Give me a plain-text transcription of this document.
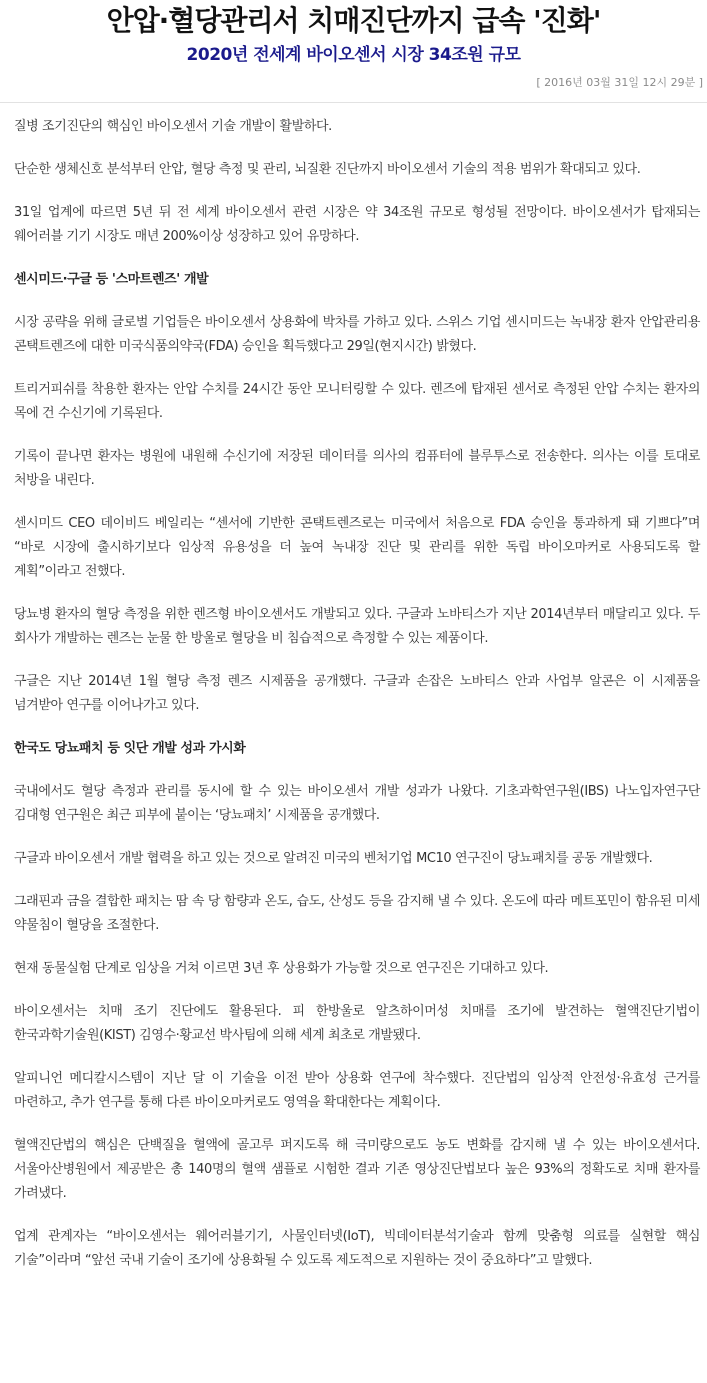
안압·혈당관리서 치매진단까지 급속 '진화'
2020년 전세계 바이오센서 시장 34조원 규모
[ 2016년 03월 31일 12시 29분 ]

질병 조기진단의 핵심인 바이오센서 기술 개발이 활발하다.

단순한 생체신호 분석부터 안압, 혈당 측정 및 관리, 뇌질환 진단까지 바이오센서 기술의 적용 범위가 확대되고 있다.

31일 업계에 따르면 5년 뒤 전 세계 바이오센서 관련 시장은 약 34조원 규모로 형성될 전망이다. 바이오센서가 탑재되는 웨어러블 기기 시장도 매년 200%이상 성장하고 있어 유망하다.

센시미드·구글 등 '스마트렌즈' 개발

시장 공략을 위해 글로벌 기업들은 바이오센서 상용화에 박차를 가하고 있다. 스위스 기업 센시미드는 녹내장 환자 안압관리용 콘택트렌즈에 대한 미국식품의약국(FDA) 승인을 획득했다고 29일(현지시간) 밝혔다.

트리거피쉬를 착용한 환자는 안압 수치를 24시간 동안 모니터링할 수 있다. 렌즈에 탑재된 센서로 측정된 안압 수치는 환자의 목에 건 수신기에 기록된다.

기록이 끝나면 환자는 병원에 내원해 수신기에 저장된 데이터를 의사의 컴퓨터에 블루투스로 전송한다. 의사는 이를 토대로 처방을 내린다.

센시미드 CEO 데이비드 베일리는 “센서에 기반한 콘택트렌즈로는 미국에서 처음으로 FDA 승인을 통과하게 돼 기쁘다”며 “바로 시장에 출시하기보다 임상적 유용성을 더 높여 녹내장 진단 및 관리를 위한 독립 바이오마커로 사용되도록 할 계획”이라고 전했다.

당뇨병 환자의 혈당 측정을 위한 렌즈형 바이오센서도 개발되고 있다. 구글과 노바티스가 지난 2014년부터 매달리고 있다. 두 회사가 개발하는 렌즈는 눈물 한 방울로 혈당을 비 침습적으로 측정할 수 있는 제품이다.

구글은 지난 2014년 1월 혈당 측정 렌즈 시제품을 공개했다. 구글과 손잡은 노바티스 안과 사업부 알콘은 이 시제품을 넘겨받아 연구를 이어나가고 있다.

한국도 당뇨패치 등 잇단 개발 성과 가시화

국내에서도 혈당 측정과 관리를 동시에 할 수 있는 바이오센서 개발 성과가 나왔다. 기초과학연구원(IBS) 나노입자연구단 김대형 연구원은 최근 피부에 붙이는 ‘당뇨패치’ 시제품을 공개했다.

구글과 바이오센서 개발 협력을 하고 있는 것으로 알려진 미국의 벤처기업 MC10 연구진이 당뇨패치를 공동 개발했다.

그래핀과 금을 결합한 패치는 땀 속 당 함량과 온도, 습도, 산성도 등을 감지해 낼 수 있다. 온도에 따라 메트포민이 함유된 미세 약물침이 혈당을 조절한다.

현재 동물실험 단계로 임상을 거쳐 이르면 3년 후 상용화가 가능할 것으로 연구진은 기대하고 있다.

바이오센서는 치매 조기 진단에도 활용된다. 피 한방울로 알츠하이머성 치매를 조기에 발견하는 혈액진단기법이 한국과학기술원(KIST) 김영수·황교선 박사팀에 의해 세계 최초로 개발됐다.

알피니언 메디칼시스템이 지난 달 이 기술을 이전 받아 상용화 연구에 착수했다. 진단법의 임상적 안전성·유효성 근거를 마련하고, 추가 연구를 통해 다른 바이오마커로도 영역을 확대한다는 계획이다.

혈액진단법의 핵심은 단백질을 혈액에 골고루 퍼지도록 해 극미량으로도 농도 변화를 감지해 낼 수 있는 바이오센서다. 서울아산병원에서 제공받은 총 140명의 혈액 샘플로 시험한 결과 기존 영상진단법보다 높은 93%의 정확도로 치매 환자를 가려냈다.

업계 관계자는 “바이오센서는 웨어러블기기, 사물인터넷(IoT), 빅데이터분석기술과 함께 맞춤형 의료를 실현할 핵심 기술”이라며 “앞선 국내 기술이 조기에 상용화될 수 있도록 제도적으로 지원하는 것이 중요하다”고 말했다.
